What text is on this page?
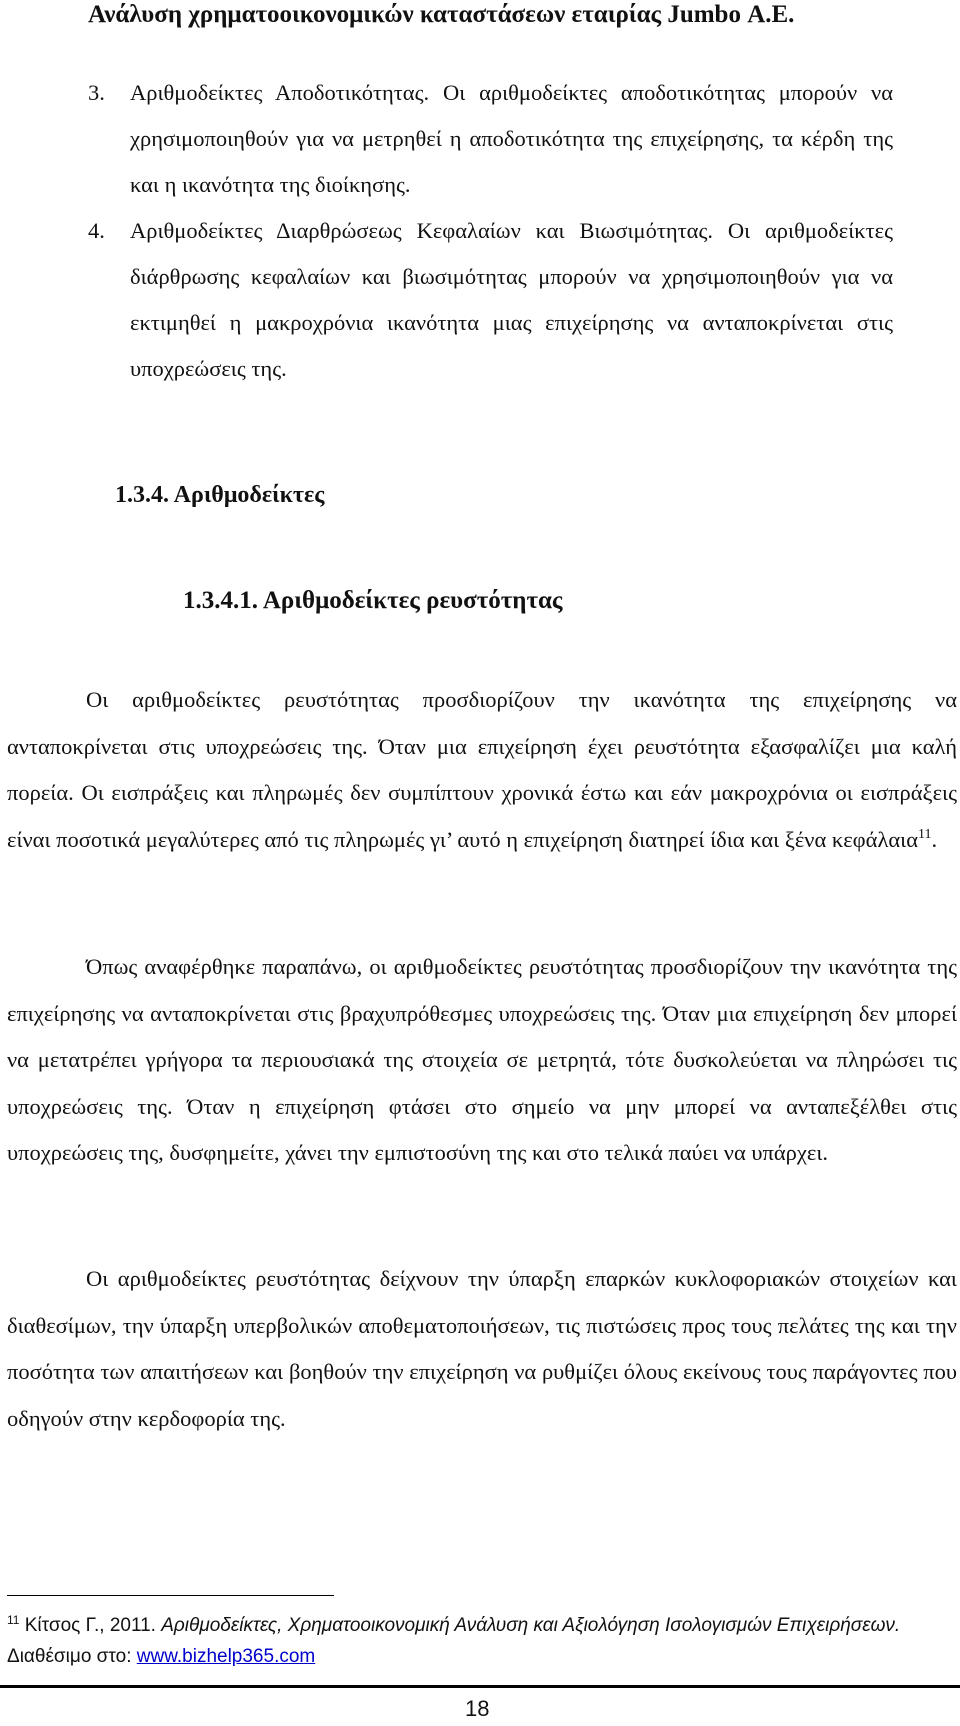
Ανάλυση χρηματοοικονομικών καταστάσεων εταιρίας Jumbo Α.Ε.

3. Αριθμοδείκτες Αποδοτικότητας. Οι αριθμοδείκτες αποδοτικότητας μπορούν να χρησιμοποιηθούν για να μετρηθεί η αποδοτικότητα της επιχείρησης, τα κέρδη της και η ικανότητα της διοίκησης.

4. Αριθμοδείκτες Διαρθρώσεως Κεφαλαίων και Βιωσιμότητας. Οι αριθμοδείκτες διάρθρωσης κεφαλαίων και βιωσιμότητας μπορούν να χρησιμοποιηθούν για να εκτιμηθεί η μακροχρόνια ικανότητα μιας επιχείρησης να ανταποκρίνεται στις υποχρεώσεις της.

1.3.4. Αριθμοδείκτες
1.3.4.1. Αριθμοδείκτες ρευστότητας

Οι αριθμοδείκτες ρευστότητας προσδιορίζουν την ικανότητα της επιχείρησης να ανταποκρίνεται στις υποχρεώσεις της. Όταν μια επιχείρηση έχει ρευστότητα εξασφαλίζει μια καλή πορεία. Οι εισπράξεις και πληρωμές δεν συμπίπτουν χρονικά έστω και εάν μακροχρόνια οι εισπράξεις είναι ποσοτικά μεγαλύτερες από τις πληρωμές γι’ αυτό η επιχείρηση διατηρεί ίδια και ξένα κεφάλαια$^{11}$.

Όπως αναφέρθηκε παραπάνω, οι αριθμοδείκτες ρευστότητας προσδιορίζουν την ικανότητα της επιχείρησης να ανταποκρίνεται στις βραχυπρόθεσμες υποχρεώσεις της. Όταν μια επιχείρηση δεν μπορεί να μετατρέπει γρήγορα τα περιουσιακά της στοιχεία σε μετρητά, τότε δυσκολεύεται να πληρώσει τις υποχρεώσεις της. Όταν η επιχείρηση φτάσει στο σημείο να μην μπορεί να ανταπεξέλθει στις υποχρεώσεις της, δυσφημείτε, χάνει την εμπιστοσύνη της και στο τελικά παύει να υπάρχει.

Οι αριθμοδείκτες ρευστότητας δείχνουν την ύπαρξη επαρκών κυκλοφοριακών στοιχείων και διαθεσίμων, την ύπαρξη υπερβολικών αποθεματοποιήσεων, τις πιστώσεις προς τους πελάτες της και την ποσότητα των απαιτήσεων και βοηθούν την επιχείρηση να ρυθμίζει όλους εκείνους τους παράγοντες που οδηγούν στην κερδοφορία της.

$^{11}$ Κίτσος Γ., 2011. Αριθμοδείκτες, Χρηματοοικονομική Ανάλυση και Αξιολόγηση Ισολογισμών Επιχειρήσεων. Διαθέσιμο στο: www.bizhelp365.com

18
